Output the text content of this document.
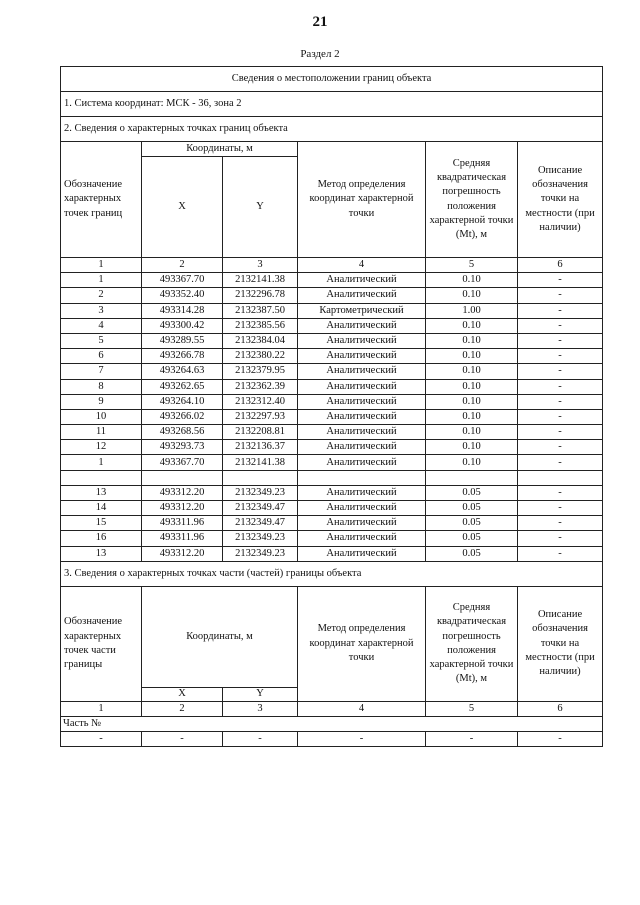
21
Раздел 2
Сведения о местоположении границ объекта					
1. Система координат: МСК - 36, зона 2					
2. Сведения о характерных точках границ объекта					
Обозначение характерных точек границ	Координаты, м		Метод определения координат характерной точки	Средняя квадратическая погрешность положения характерной точки (Mt), м	Описание обозначения точки на местности (при наличии)
	X	Y			
1	2	3	4	5	6
1	493367.70	2132141.38	Аналитический	0.10	-
2	493352.40	2132296.78	Аналитический	0.10	-
3	493314.28	2132387.50	Картометрический	1.00	-
4	493300.42	2132385.56	Аналитический	0.10	-
5	493289.55	2132384.04	Аналитический	0.10	-
6	493266.78	2132380.22	Аналитический	0.10	-
7	493264.63	2132379.95	Аналитический	0.10	-
8	493262.65	2132362.39	Аналитический	0.10	-
9	493264.10	2132312.40	Аналитический	0.10	-
10	493266.02	2132297.93	Аналитический	0.10	-
11	493268.56	2132208.81	Аналитический	0.10	-
12	493293.73	2132136.37	Аналитический	0.10	-
1	493367.70	2132141.38	Аналитический	0.10	-

13	493312.20	2132349.23	Аналитический	0.05	-
14	493312.20	2132349.47	Аналитический	0.05	-
15	493311.96	2132349.47	Аналитический	0.05	-
16	493311.96	2132349.23	Аналитический	0.05	-
13	493312.20	2132349.23	Аналитический	0.05	-
3. Сведения о характерных точках части (частей) границы объекта					
Обозначение характерных точек части границы	Координаты, м		Метод определения координат характерной точки	Средняя квадратическая погрешность положения характерной точки (Mt), м	Описание обозначения точки на местности (при наличии)
	X	Y			
1	2	3	4	5	6
Часть №					
-	-	-	-	-	-
